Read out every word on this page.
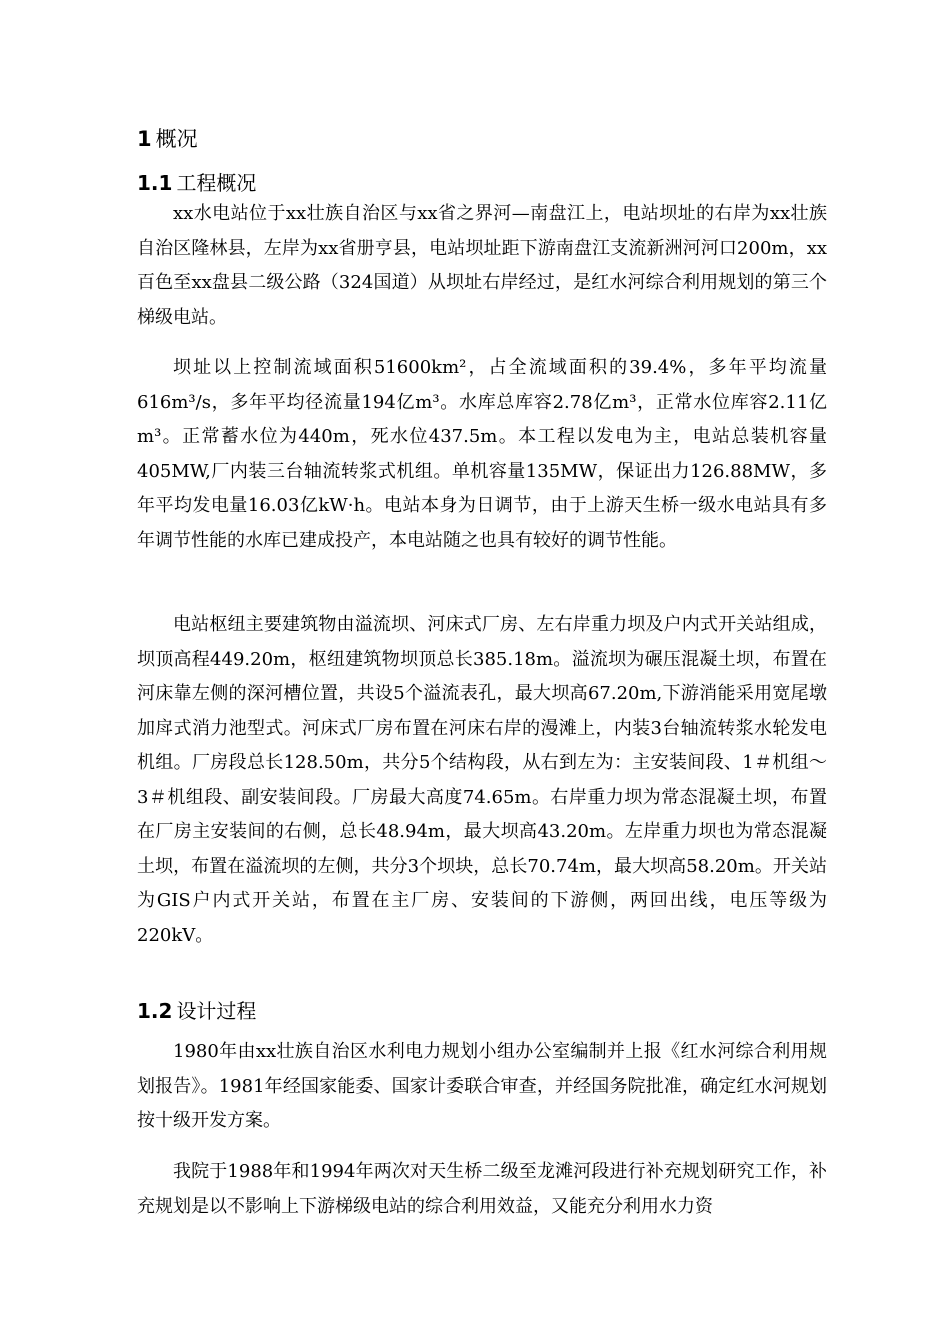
1 概况
1.1 工程概况

xx水电站位于xx壮族自治区与xx省之界河—南盘江上，电站坝址的右岸为xx壮族自治区隆林县，左岸为xx省册亨县，电站坝址距下游南盘江支流新洲河河口200m，xx百色至xx盘县二级公路（324国道）从坝址右岸经过，是红水河综合利用规划的第三个梯级电站。

坝址以上控制流域面积51600km²，占全流域面积的39.4%，多年平均流量616m³/s，多年平均径流量194亿m³。水库总库容2.78亿m³，正常水位库容2.11亿m³。正常蓄水位为440m，死水位437.5m。本工程以发电为主，电站总装机容量405MW,厂内装三台轴流转浆式机组。单机容量135MW，保证出力126.88MW，多年平均发电量16.03亿kW·h。电站本身为日调节，由于上游天生桥一级水电站具有多年调节性能的水库已建成投产，本电站随之也具有较好的调节性能。

电站枢纽主要建筑物由溢流坝、河床式厂房、左右岸重力坝及户内式开关站组成，坝顶高程449.20m，枢纽建筑物坝顶总长385.18m。溢流坝为碾压混凝土坝，布置在河床靠左侧的深河槽位置，共设5个溢流表孔，最大坝高67.20m,下游消能采用宽尾墩加戽式消力池型式。河床式厂房布置在河床右岸的漫滩上，内装3台轴流转浆水轮发电机组。厂房段总长128.50m，共分5个结构段，从右到左为：主安装间段、1＃机组～3＃机组段、副安装间段。厂房最大高度74.65m。右岸重力坝为常态混凝土坝，布置在厂房主安装间的右侧，总长48.94m，最大坝高43.20m。左岸重力坝也为常态混凝土坝，布置在溢流坝的左侧，共分3个坝块，总长70.74m，最大坝高58.20m。开关站为GIS户内式开关站，布置在主厂房、安装间的下游侧，两回出线，电压等级为220kV。

1.2 设计过程

1980年由xx壮族自治区水利电力规划小组办公室编制并上报《红水河综合利用规划报告》。1981年经国家能委、国家计委联合审查，并经国务院批准，确定红水河规划按十级开发方案。

我院于1988年和1994年两次对天生桥二级至龙滩河段进行补充规划研究工作，补充规划是以不影响上下游梯级电站的综合利用效益，又能充分利用水力资
